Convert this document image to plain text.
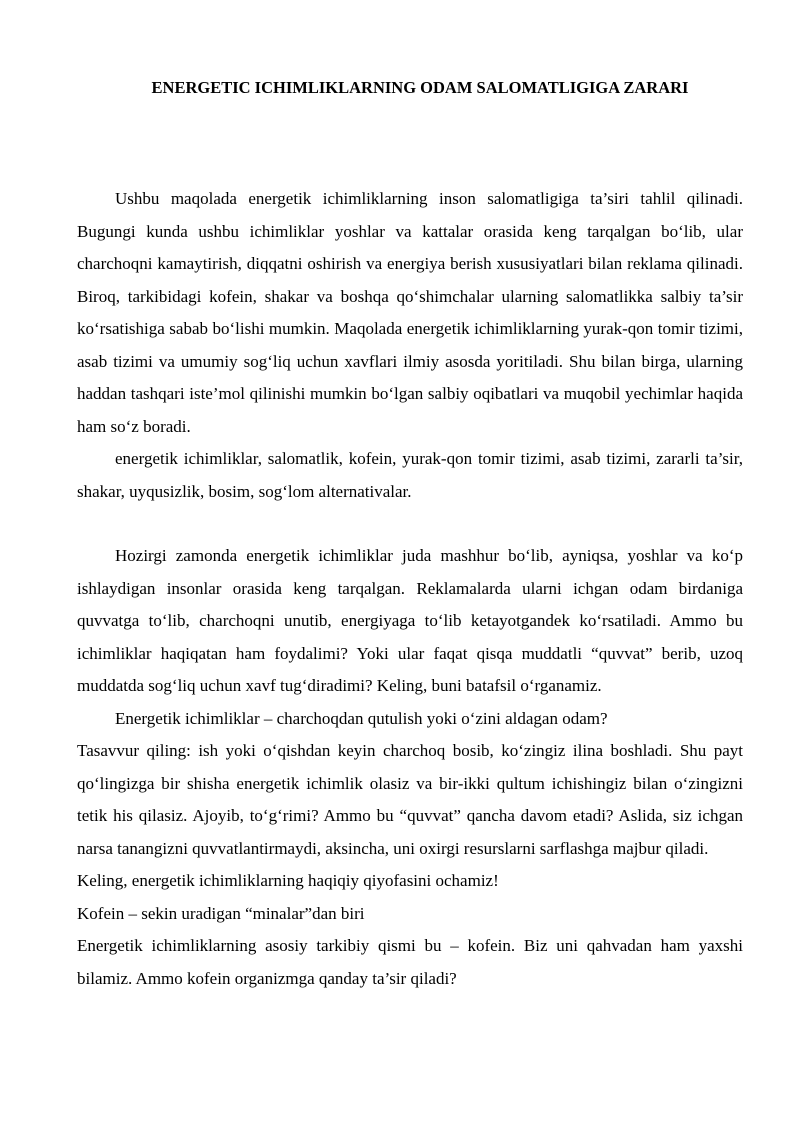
ENERGETIC ICHIMLIKLARNING ODAM SALOMATLIGIGA ZARARI

Ushbu maqolada energetik ichimliklarning inson salomatligiga ta’siri tahlil qilinadi. Bugungi kunda ushbu ichimliklar yoshlar va kattalar orasida keng tarqalgan bo‘lib, ular charchoqni kamaytirish, diqqatni oshirish va energiya berish xususiyatlari bilan reklama qilinadi. Biroq, tarkibidagi kofein, shakar va boshqa qo‘shimchalar ularning salomatlikka salbiy ta’sir ko‘rsatishiga sabab bo‘lishi mumkin. Maqolada energetik ichimliklarning yurak-qon tomir tizimi, asab tizimi va umumiy sog‘liq uchun xavflari ilmiy asosda yoritiladi. Shu bilan birga, ularning haddan tashqari iste’mol qilinishi mumkin bo‘lgan salbiy oqibatlari va muqobil yechimlar haqida ham so‘z boradi.

energetik ichimliklar, salomatlik, kofein, yurak-qon tomir tizimi, asab tizimi, zararli ta’sir, shakar, uyqusizlik, bosim, sog‘lom alternativalar.

Hozirgi zamonda energetik ichimliklar juda mashhur bo‘lib, ayniqsa, yoshlar va ko‘p ishlaydigan insonlar orasida keng tarqalgan. Reklamalarda ularni ichgan odam birdaniga quvvatga to‘lib, charchoqni unutib, energiyaga to‘lib ketayotgandek ko‘rsatiladi. Ammo bu ichimliklar haqiqatan ham foydalimi? Yoki ular faqat qisqa muddatli “quvvat” berib, uzoq muddatda sog‘liq uchun xavf tug‘diradimi? Keling, buni batafsil o‘rganamiz.

Energetik ichimliklar – charchoqdan qutulish yoki o‘zini aldagan odam?

Tasavvur qiling: ish yoki o‘qishdan keyin charchoq bosib, ko‘zingiz ilina boshladi. Shu payt qo‘lingizga bir shisha energetik ichimlik olasiz va bir-ikki qultum ichishingiz bilan o‘zingizni tetik his qilasiz. Ajoyib, to‘g‘rimi? Ammo bu “quvvat” qancha davom etadi? Aslida, siz ichgan narsa tanangizni quvvatlantirmaydi, aksincha, uni oxirgi resurslarni sarflashga majbur qiladi.

Keling, energetik ichimliklarning haqiqiy qiyofasini ochamiz!

Kofein – sekin uradigan “minalar”dan biri

Energetik ichimliklarning asosiy tarkibiy qismi bu – kofein. Biz uni qahvadan ham yaxshi bilamiz. Ammo kofein organizmga qanday ta’sir qiladi?
